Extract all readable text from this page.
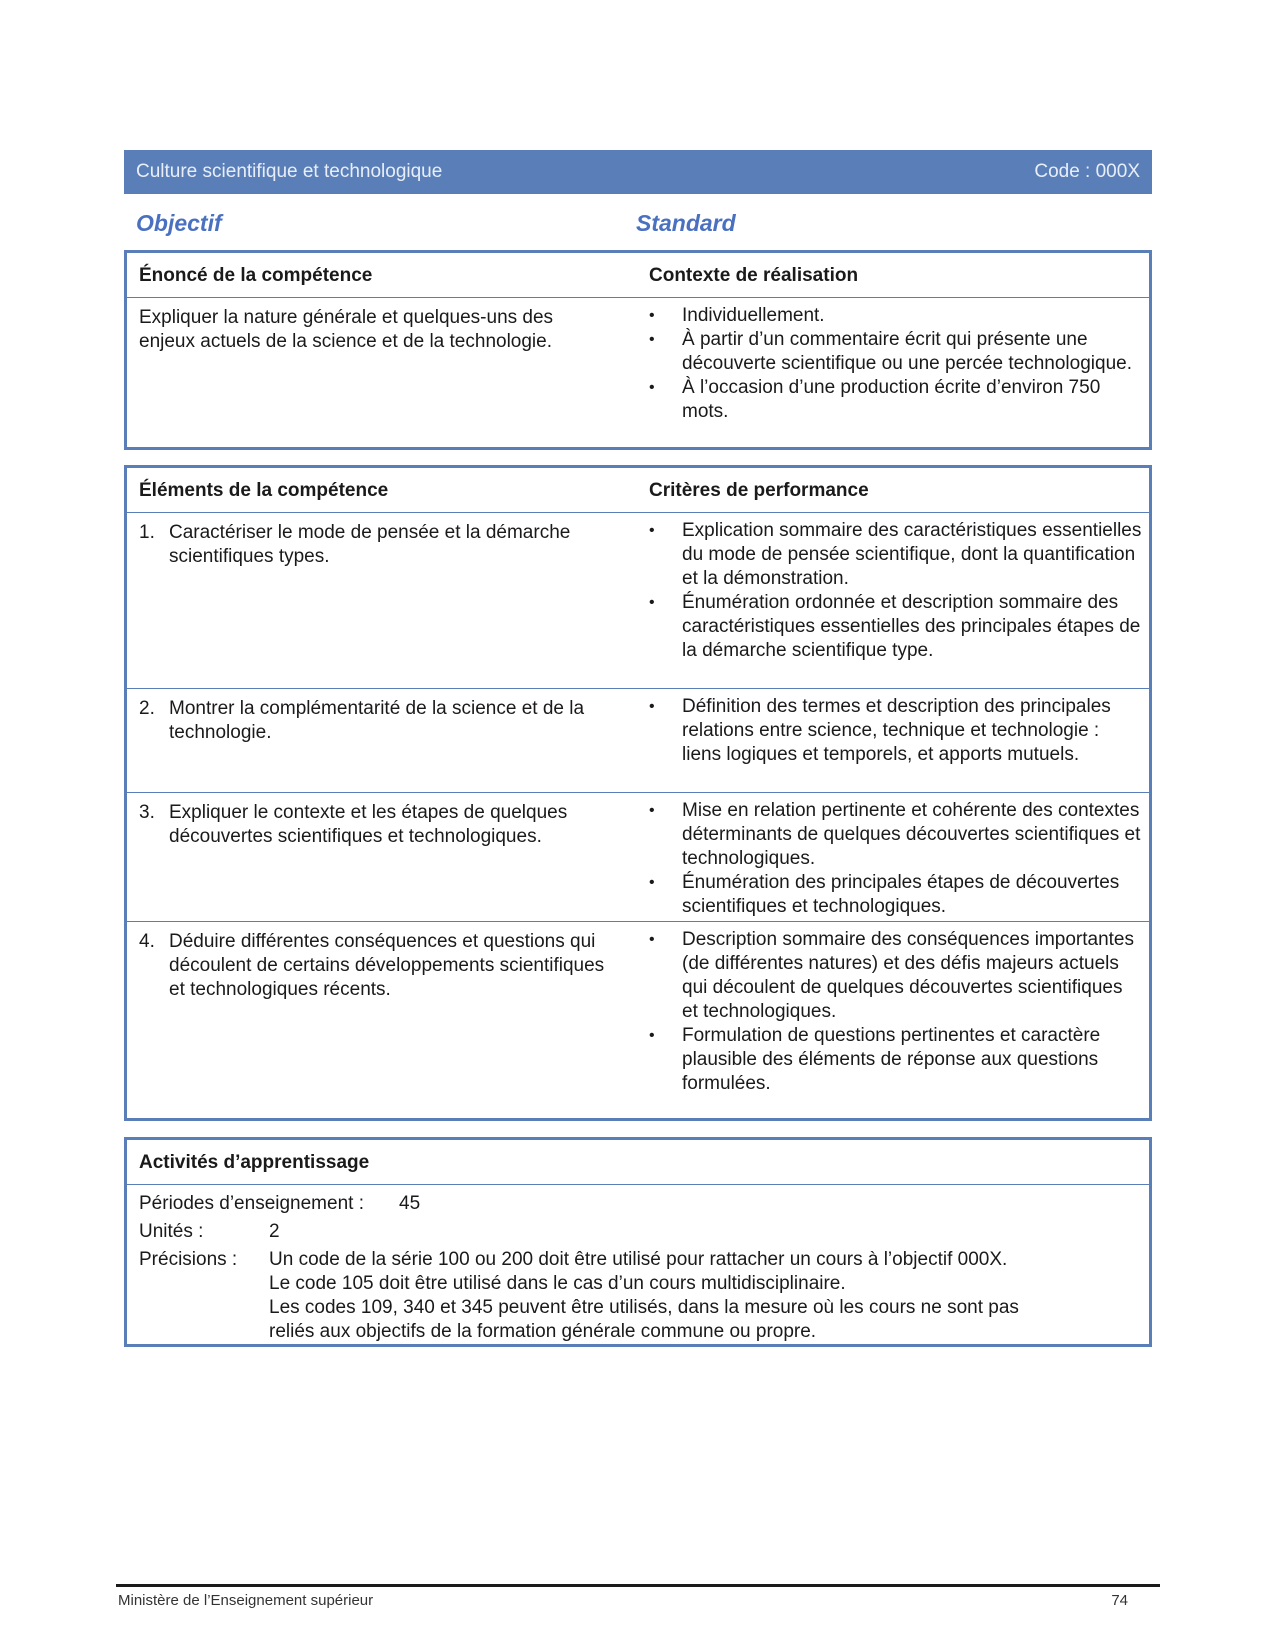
Culture scientifique et technologique	Code : 000X
Objectif	Standard
Énoncé de la compétence	Contexte de réalisation
Expliquer la nature générale et quelques-uns des enjeux actuels de la science et de la technologie.
• Individuellement.
• À partir d’un commentaire écrit qui présente une découverte scientifique ou une percée technologique.
• À l’occasion d’une production écrite d’environ 750 mots.
Éléments de la compétence	Critères de performance
1. Caractériser le mode de pensée et la démarche scientifiques types.
• Explication sommaire des caractéristiques essentielles du mode de pensée scientifique, dont la quantification et la démonstration.
• Énumération ordonnée et description sommaire des caractéristiques essentielles des principales étapes de la démarche scientifique type.
2. Montrer la complémentarité de la science et de la technologie.
• Définition des termes et description des principales relations entre science, technique et technologie : liens logiques et temporels, et apports mutuels.
3. Expliquer le contexte et les étapes de quelques découvertes scientifiques et technologiques.
• Mise en relation pertinente et cohérente des contextes déterminants de quelques découvertes scientifiques et technologiques.
• Énumération des principales étapes de découvertes scientifiques et technologiques.
4. Déduire différentes conséquences et questions qui découlent de certains développements scientifiques et technologiques récents.
• Description sommaire des conséquences importantes (de différentes natures) et des défis majeurs actuels qui découlent de quelques découvertes scientifiques et technologiques.
• Formulation de questions pertinentes et caractère plausible des éléments de réponse aux questions formulées.
Activités d’apprentissage
Périodes d’enseignement : 45
Unités :	2
Précisions : Un code de la série 100 ou 200 doit être utilisé pour rattacher un cours à l’objectif 000X.
Le code 105 doit être utilisé dans le cas d’un cours multidisciplinaire.
Les codes 109, 340 et 345 peuvent être utilisés, dans la mesure où les cours ne sont pas
reliés aux objectifs de la formation générale commune ou propre.
Ministère de l’Enseignement supérieur	74
